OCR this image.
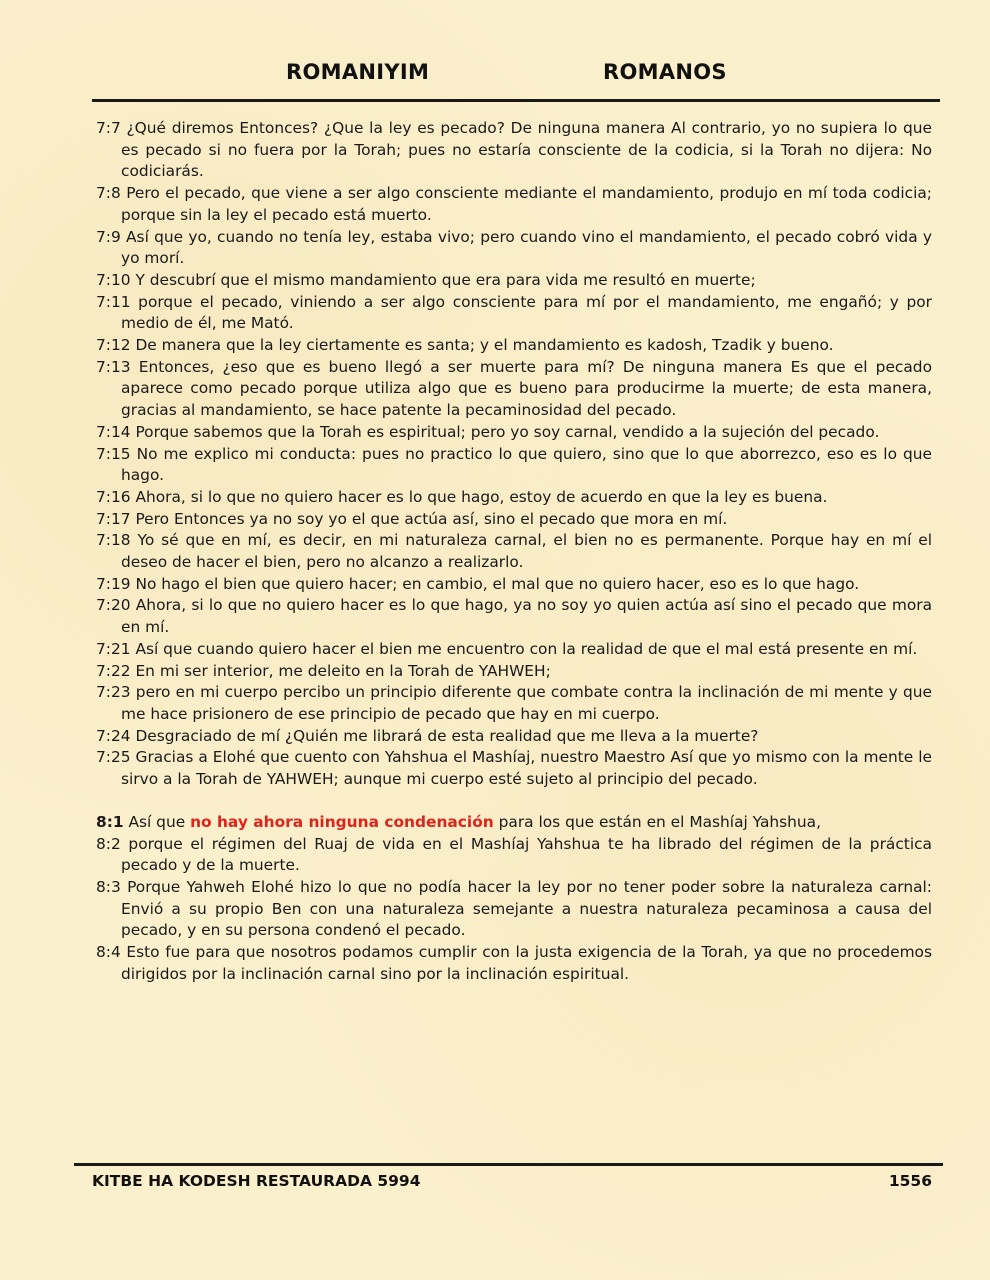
ROMANIYIM	ROMANOS
7:7 ¿Qué diremos Entonces? ¿Que la ley es pecado? De ninguna manera Al contrario, yo no supiera lo que es pecado si no fuera por la Torah; pues no estaría consciente de la codicia, si la Torah no dijera: No codiciarás.
7:8 Pero el pecado, que viene a ser algo consciente mediante el mandamiento, produjo en mí toda codicia; porque sin la ley el pecado está muerto.
7:9 Así que yo, cuando no tenía ley, estaba vivo; pero cuando vino el mandamiento, el pecado cobró vida y yo morí.
7:10 Y descubrí que el mismo mandamiento que era para vida me resultó en muerte;
7:11 porque el pecado, viniendo a ser algo consciente para mí por el mandamiento, me engañó; y por medio de él, me Mató.
7:12 De manera que la ley ciertamente es santa; y el mandamiento es kadosh, Tzadik y bueno.
7:13 Entonces, ¿eso que es bueno llegó a ser muerte para mí? De ninguna manera Es que el pecado aparece como pecado porque utiliza algo que es bueno para producirme la muerte; de esta manera, gracias al mandamiento, se hace patente la pecaminosidad del pecado.
7:14 Porque sabemos que la Torah es espiritual; pero yo soy carnal, vendido a la sujeción del pecado.
7:15 No me explico mi conducta: pues no practico lo que quiero, sino que lo que aborrezco, eso es lo que hago.
7:16 Ahora, si lo que no quiero hacer es lo que hago, estoy de acuerdo en que la ley es buena.
7:17 Pero Entonces ya no soy yo el que actúa así, sino el pecado que mora en mí.
7:18 Yo sé que en mí, es decir, en mi naturaleza carnal, el bien no es permanente. Porque hay en mí el deseo de hacer el bien, pero no alcanzo a realizarlo.
7:19 No hago el bien que quiero hacer; en cambio, el mal que no quiero hacer, eso es lo que hago.
7:20 Ahora, si lo que no quiero hacer es lo que hago, ya no soy yo quien actúa así sino el pecado que mora en mí.
7:21 Así que cuando quiero hacer el bien me encuentro con la realidad de que el mal está presente en mí.
7:22 En mi ser interior, me deleito en la Torah de YAHWEH;
7:23 pero en mi cuerpo percibo un principio diferente que combate contra la inclinación de mi mente y que me hace prisionero de ese principio de pecado que hay en mi cuerpo.
7:24 Desgraciado de mí ¿Quién me librará de esta realidad que me lleva a la muerte?
7:25 Gracias a Elohé que cuento con Yahshua el Mashíaj, nuestro Maestro Así que yo mismo con la mente le sirvo a la Torah de YAHWEH; aunque mi cuerpo esté sujeto al principio del pecado.
8:1 Así que no hay ahora ninguna condenación para los que están en el Mashíaj Yahshua,
8:2 porque el régimen del Ruaj de vida en el Mashíaj Yahshua te ha librado del régimen de la práctica pecado y de la muerte.
8:3 Porque Yahweh Elohé hizo lo que no podía hacer la ley por no tener poder sobre la naturaleza carnal: Envió a su propio Ben con una naturaleza semejante a nuestra naturaleza pecaminosa a causa del pecado, y en su persona condenó el pecado.
8:4 Esto fue para que nosotros podamos cumplir con la justa exigencia de la Torah, ya que no procedemos dirigidos por la inclinación carnal sino por la inclinación espiritual.
KITBE HA KODESH RESTAURADA 5994	1556
